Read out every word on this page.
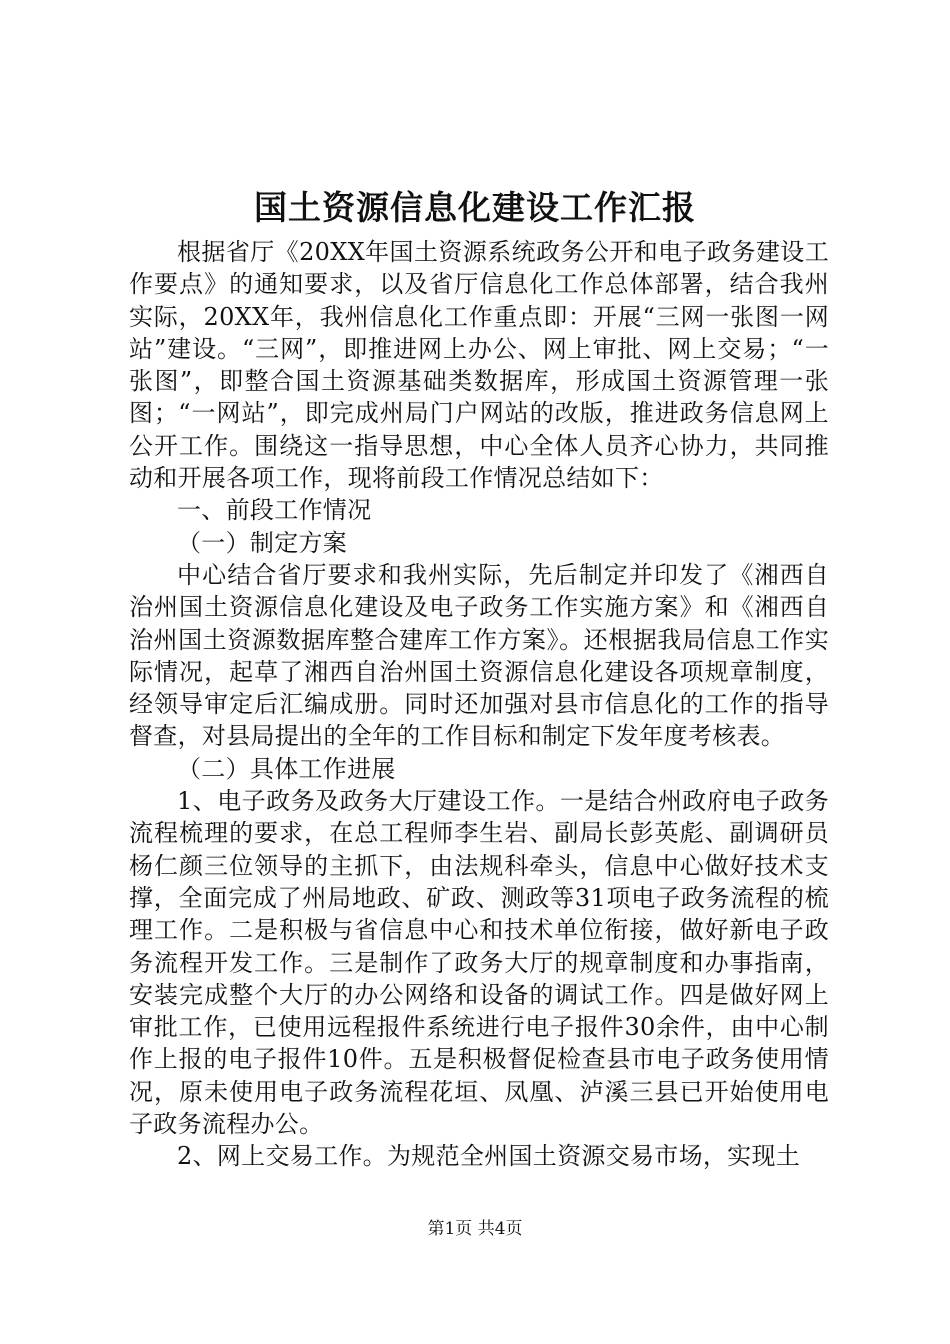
国土资源信息化建设工作汇报

根据省厅《20XX年国土资源系统政务公开和电子政务建设工作要点》的通知要求，以及省厅信息化工作总体部署，结合我州实际，20XX年，我州信息化工作重点即：开展“三网一张图一网站”建设。“三网”，即推进网上办公、网上审批、网上交易；“一张图”，即整合国土资源基础类数据库，形成国土资源管理一张图；“一网站”，即完成州局门户网站的改版，推进政务信息网上公开工作。围绕这一指导思想，中心全体人员齐心协力，共同推动和开展各项工作，现将前段工作情况总结如下：

一、前段工作情况

（一）制定方案

中心结合省厅要求和我州实际，先后制定并印发了《湘西自治州国土资源信息化建设及电子政务工作实施方案》和《湘西自治州国土资源数据库整合建库工作方案》。还根据我局信息工作实际情况，起草了湘西自治州国土资源信息化建设各项规章制度，经领导审定后汇编成册。同时还加强对县市信息化的工作的指导督查，对县局提出的全年的工作目标和制定下发年度考核表。

（二）具体工作进展

1、电子政务及政务大厅建设工作。一是结合州政府电子政务流程梳理的要求，在总工程师李生岩、副局长彭英彪、副调研员杨仁颜三位领导的主抓下，由法规科牵头，信息中心做好技术支撑，全面完成了州局地政、矿政、测政等31项电子政务流程的梳理工作。二是积极与省信息中心和技术单位衔接，做好新电子政务流程开发工作。三是制作了政务大厅的规章制度和办事指南，安装完成整个大厅的办公网络和设备的调试工作。四是做好网上审批工作，已使用远程报件系统进行电子报件30余件，由中心制作上报的电子报件10件。五是积极督促检查县市电子政务使用情况，原未使用电子政务流程花垣、凤凰、泸溪三县已开始使用电子政务流程办公。

2、网上交易工作。为规范全州国土资源交易市场，实现土

第1页 共4页
